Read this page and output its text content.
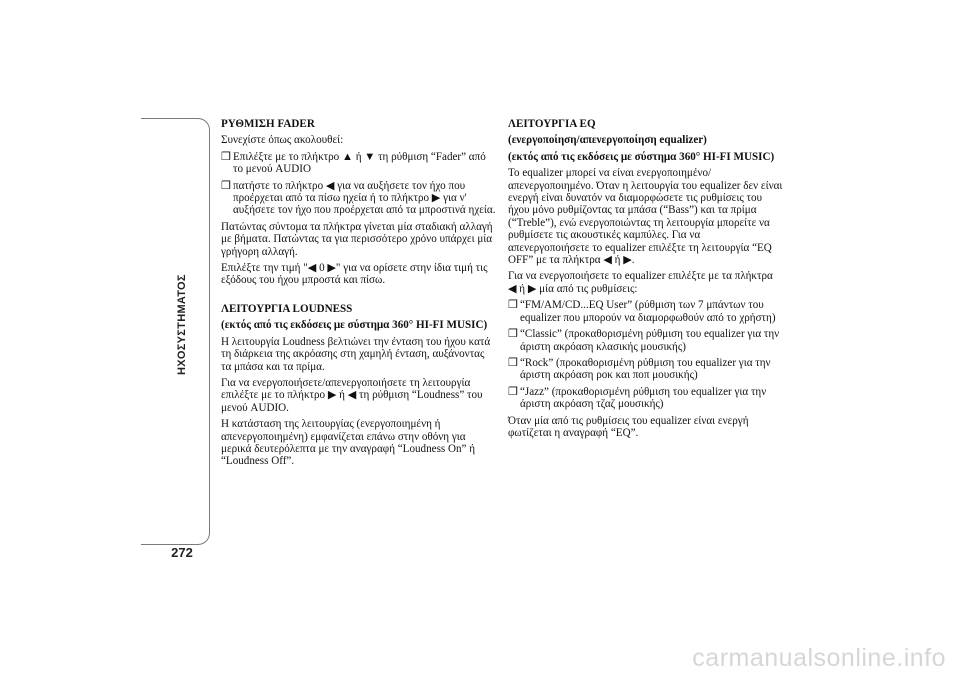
ΗΧΟΣΥΣΤΗΜΑΤΟΣ
272

ΡΥΘΜΙΣΗ FADER

Συνεχίστε όπως ακολουθεί:

❒ Επιλέξτε με το πλήκτρο ▲ ή ▼ τη ρύθμιση “Fader” από το μενού AUDIO

❒ πατήστε το πλήκτρο ◀ για να αυξήσετε τον ήχο που προέρχεται από τα πίσω ηχεία ή το πλήκτρο ▶ για ν' αυξήσετε τον ήχο που προέρχεται από τα μπροστινά ηχεία.

Πατώντας σύντομα τα πλήκτρα γίνεται μία σταδιακή αλλαγή με βήματα. Πατώντας τα για περισσότερο χρόνο υπάρχει μία γρήγορη αλλαγή.

Επιλέξτε την τιμή "◀ 0 ▶" για να ορίσετε στην ίδια τιμή τις εξόδους του ήχου μπροστά και πίσω.

ΛΕΙΤΟΥΡΓΙΑ LOUDNESS

(εκτός από τις εκδόσεις με σύστημα 360° HI-FI MUSIC)

Η λειτουργία Loudness βελτιώνει την ένταση του ήχου κατά τη διάρκεια της ακρόασης στη χαμηλή ένταση, αυξάνοντας τα μπάσα και τα πρίμα.

Για να ενεργοποιήσετε/απενεργοποιήσετε τη λειτουργία επιλέξτε με το πλήκτρο ▶ ή ◀ τη ρύθμιση “Loudness” του μενού AUDIO.

Η κατάσταση της λειτουργίας (ενεργοποιημένη ή απενεργοποιημένη) εμφανίζεται επάνω στην οθόνη για μερικά δευτερόλεπτα με την αναγραφή “Loudness On” ή “Loudness Off”.

ΛΕΙΤΟΥΡΓΙΑ EQ

(ενεργοποίηση/απενεργοποίηση equalizer)

(εκτός από τις εκδόσεις με σύστημα 360° HI-FI MUSIC)

Το equalizer μπορεί να είναι ενεργοποιημένο/απενεργοποιημένο. Όταν η λειτουργία του equalizer δεν είναι ενεργή είναι δυνατόν να διαμορφώσετε τις ρυθμίσεις του ήχου μόνο ρυθμίζοντας τα μπάσα (“Bass”) και τα πρίμα (“Treble”), ενώ ενεργοποιώντας τη λειτουργία μπορείτε να ρυθμίσετε τις ακουστικές καμπύλες. Για να απενεργοποιήσετε το equalizer επιλέξτε τη λειτουργία “EQ OFF” με τα πλήκτρα ◀ ή ▶.

Για να ενεργοποιήσετε το equalizer επιλέξτε με τα πλήκτρα ◀ ή ▶ μία από τις ρυθμίσεις:

❒ “FM/AM/CD...EQ User” (ρύθμιση των 7 μπάντων του equalizer που μπορούν να διαμορφωθούν από το χρήστη)

❒ “Classic” (προκαθορισμένη ρύθμιση του equalizer για την άριστη ακρόαση κλασικής μουσικής)

❒ “Rock” (προκαθορισμένη ρύθμιση του equalizer για την άριστη ακρόαση ροκ και ποπ μουσικής)

❒ “Jazz” (προκαθορισμένη ρύθμιση του equalizer για την άριστη ακρόαση τζαζ μουσικής)

Όταν μία από τις ρυθμίσεις του equalizer είναι ενεργή φωτίζεται η αναγραφή “EQ”.

carmanualsonline.info
